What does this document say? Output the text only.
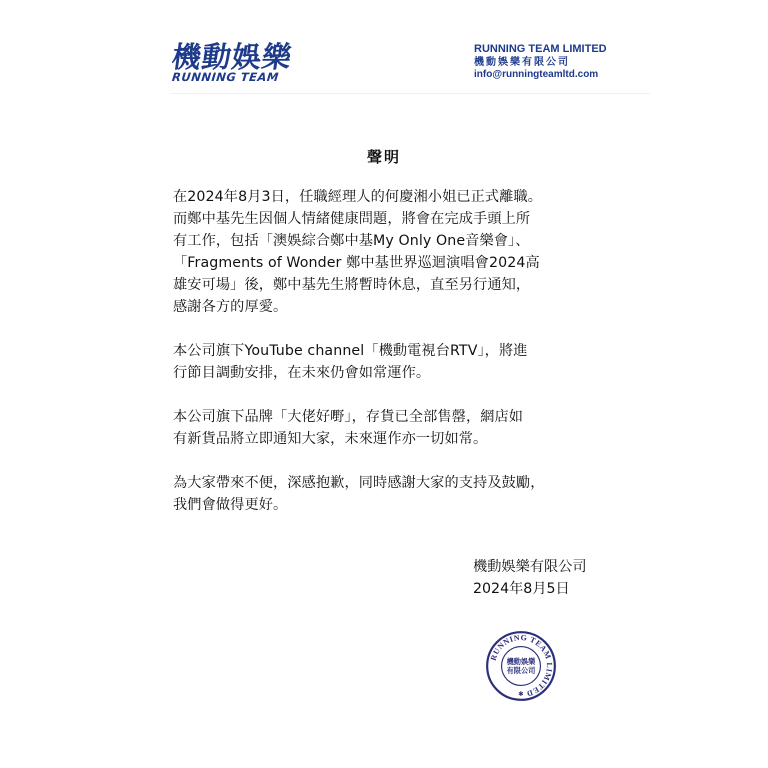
機動娛樂
RUNNING TEAM
RUNNING TEAM LIMITED
機動娛樂有限公司
info@runningteamltd.com
聲明

在2024年8月3日，任職經理人的何慶湘小姐已正式離職。

而鄭中基先生因個人情緒健康問題，將會在完成手頭上所

有工作，包括「澳娛綜合鄭中基My Only One音樂會」、

「Fragments of Wonder 鄭中基世界巡迴演唱會2024高

雄安可場」後，鄭中基先生將暫時休息，直至另行通知，

感謝各方的厚愛。

本公司旗下YouTube channel「機動電視台RTV」，將進

行節目調動安排，在未來仍會如常運作。

本公司旗下品牌「大佬好嘢」，存貨已全部售罄，網店如

有新貨品將立即通知大家，未來運作亦一切如常。

為大家帶來不便，深感抱歉，同時感謝大家的支持及鼓勵，

我們會做得更好。

機動娛樂有限公司
2024年8月5日
RUNNING TEAM LIMITED
機動娛樂
有限公司
✱
